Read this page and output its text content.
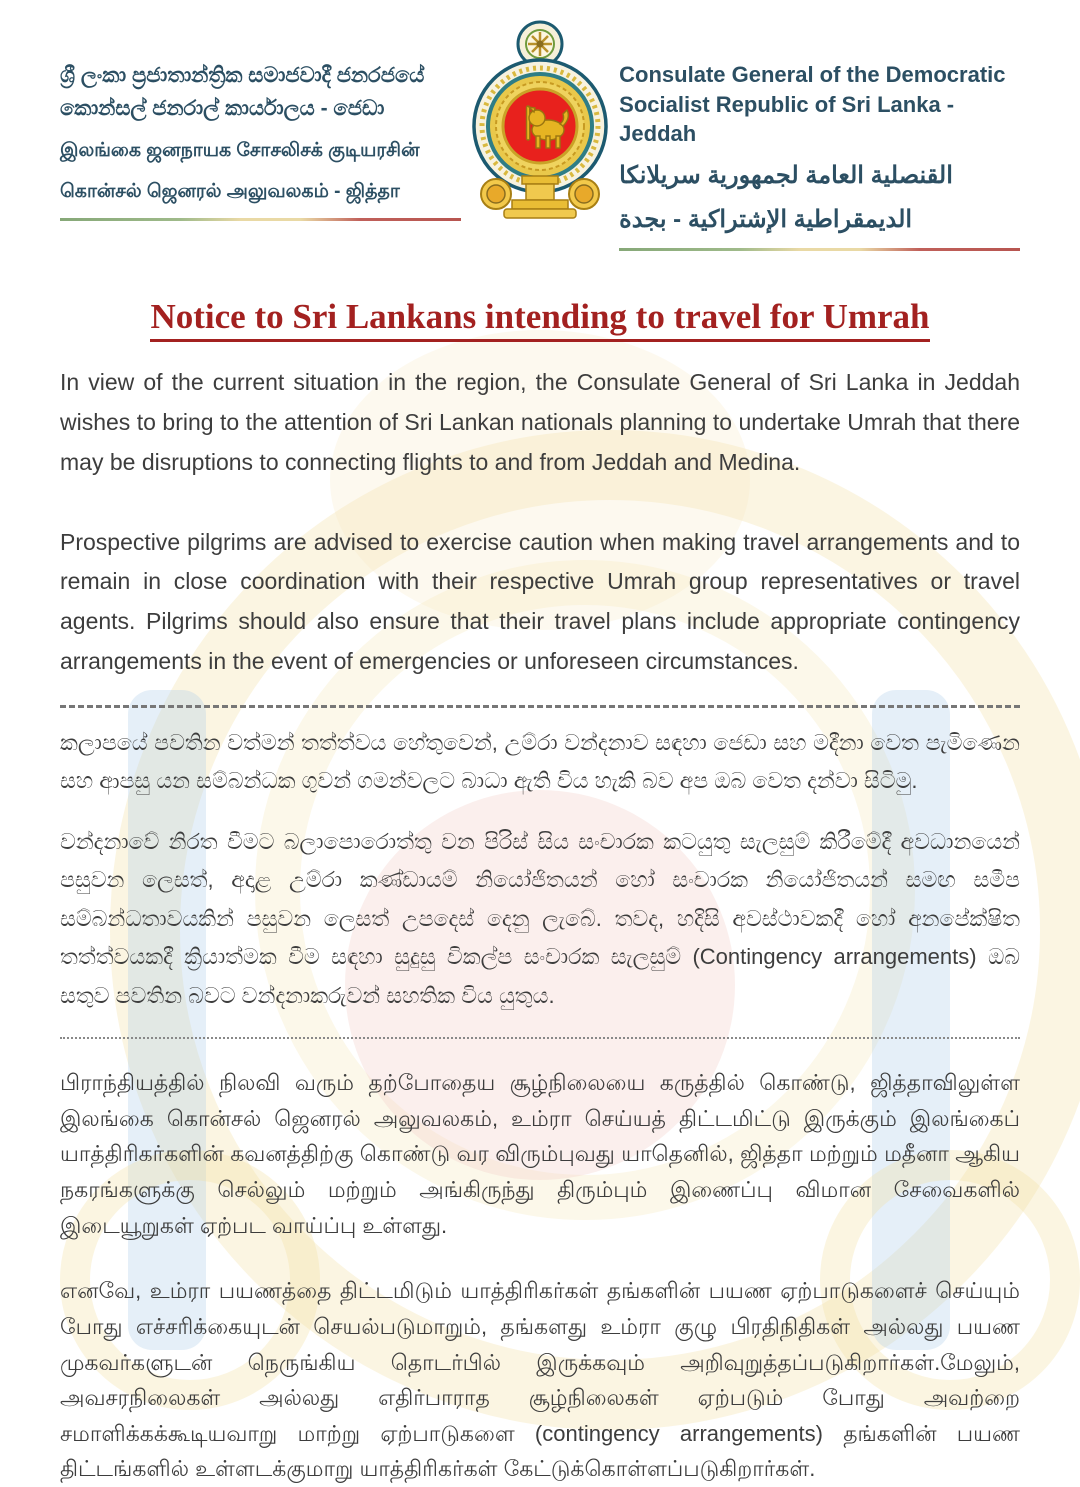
ශ්‍රී ලංකා ප්‍රජාතාන්ත්‍රික සමාජවාදී ජනරජයේ
කොන්සල් ජනරාල් කාර්යාලය - ජෙඩා
இலங்கை ஜனநாயக சோசலிசக் குடியரசின்
கொன்சல் ஜெனரல் அலுவலகம் - ஜித்தா
Consulate General of the Democratic
Socialist Republic of Sri Lanka - Jeddah
القنصلية العامة لجمهورية سريلانكا
الديمقراطية الإشتراكية - بجدة
Notice to Sri Lankans intending to travel for Umrah

In view of the current situation in the region, the Consulate General of Sri Lanka in Jeddah wishes to bring to the attention of Sri Lankan nationals planning to undertake Umrah that there may be disruptions to connecting flights to and from Jeddah and Medina.

Prospective pilgrims are advised to exercise caution when making travel arrangements and to remain in close coordination with their respective Umrah group representatives or travel agents. Pilgrims should also ensure that their travel plans include appropriate contingency arrangements in the event of emergencies or unforeseen circumstances.

කලාපයේ පවතින වත්මන් තත්ත්වය හේතුවෙන්, උම්රා වන්දනාව සඳහා ජෙඩා සහ මදීනා වෙත පැමිණෙන සහ ආපසු යන සම්බන්ධක ගුවන් ගමන්වලට බාධා ඇති විය හැකි බව අප ඔබ වෙත දන්වා සිටිමු.

වන්දනාවේ නිරත වීමට බලාපොරොත්තු වන පිරිස් සිය සංචාරක කටයුතු සැලසුම් කිරීමේදී අවධානයෙන් පසුවන ලෙසත්, අදාළ උම්රා කණ්ඩායම් නියෝජිතයන් හෝ සංචාරක නියෝජිතයන් සමඟ සමීප සම්බන්ධතාවයකින් පසුවන ලෙසත් උපදෙස් දෙනු ලැබේ. තවද, හදිසි අවස්ථාවකදී හෝ අනපේක්ෂිත තත්ත්වයකදී ක්‍රියාත්මක වීම සඳහා සුදුසු විකල්ප සංචාරක සැලසුම් (Contingency arrangements) ඔබ සතුව පවතින බවට වන්දනාකරුවන් සහතික විය යුතුය.

பிராந்தியத்தில் நிலவி வரும் தற்போதைய சூழ்நிலையை கருத்தில் கொண்டு, ஜித்தாவிலுள்ள இலங்கை கொன்சல் ஜெனரல் அலுவலகம், உம்ரா செய்யத் திட்டமிட்டு இருக்கும் இலங்கைப் யாத்திரிகர்களின் கவனத்திற்கு கொண்டு வர விரும்புவது யாதெனில், ஜித்தா மற்றும் மதீனா ஆகிய நகரங்களுக்கு செல்லும் மற்றும் அங்கிருந்து திரும்பும் இணைப்பு விமான சேவைகளில் இடையூறுகள் ஏற்பட வாய்ப்பு உள்ளது.

எனவே, உம்ரா பயணத்தை திட்டமிடும் யாத்திரிகர்கள் தங்களின் பயண ஏற்பாடுகளைச் செய்யும் போது எச்சரிக்கையுடன் செயல்படுமாறும், தங்களது உம்ரா குழு பிரதிநிதிகள் அல்லது பயண முகவர்களுடன் நெருங்கிய தொடர்பில் இருக்கவும் அறிவுறுத்தப்படுகிறார்கள்.மேலும், அவசரநிலைகள் அல்லது எதிர்பாராத சூழ்நிலைகள் ஏற்படும் போது அவற்றை சமாளிக்கக்கூடியவாறு மாற்று ஏற்பாடுகளை (contingency arrangements) தங்களின் பயண திட்டங்களில் உள்ளடக்குமாறு யாத்திரிகர்கள் கேட்டுக்கொள்ளப்படுகிறார்கள்.
